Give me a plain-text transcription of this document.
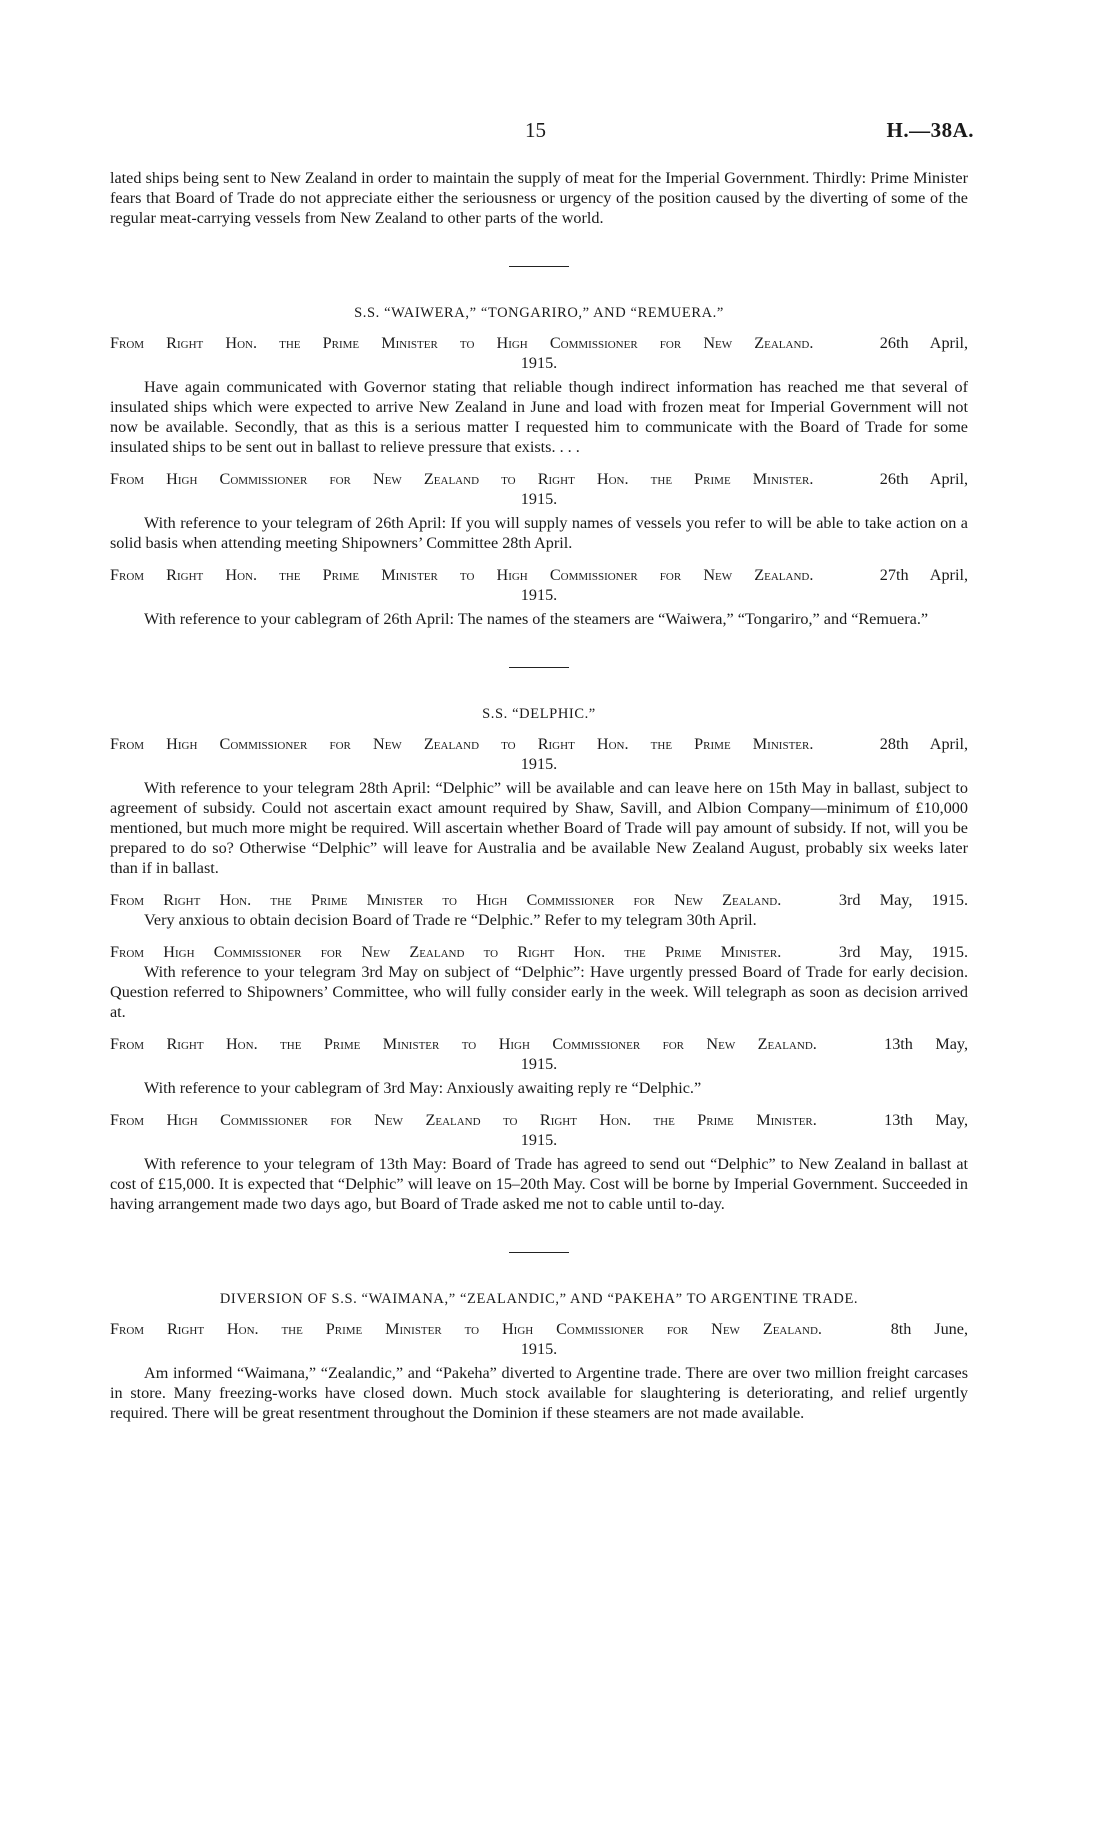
15	H.—38A.

lated ships being sent to New Zealand in order to maintain the supply of meat for the Imperial Government. Thirdly: Prime Minister fears that Board of Trade do not appreciate either the seriousness or urgency of the position caused by the diverting of some of the regular meat-carrying vessels from New Zealand to other parts of the world.

S.S. “WAIWERA,” “TONGARIRO,” AND “REMUERA.”

From Right Hon. the Prime Minister to High Commissioner for New Zealand.	26th April,

1915.

Have again communicated with Governor stating that reliable though indirect information has reached me that several of insulated ships which were expected to arrive New Zealand in June and load with frozen meat for Imperial Government will not now be available. Secondly, that as this is a serious matter I requested him to communicate with the Board of Trade for some insulated ships to be sent out in ballast to relieve pressure that exists. . . .

From High Commissioner for New Zealand to Right Hon. the Prime Minister.	26th April,

1915.

With reference to your telegram of 26th April: If you will supply names of vessels you refer to will be able to take action on a solid basis when attending meeting Shipowners’ Committee 28th April.

From Right Hon. the Prime Minister to High Commissioner for New Zealand.	27th April,

1915.

With reference to your cablegram of 26th April: The names of the steamers are “Waiwera,” “Tongariro,” and “Remuera.”

S.S. “DELPHIC.”

From High Commissioner for New Zealand to Right Hon. the Prime Minister.	28th April,

1915.

With reference to your telegram 28th April: “Delphic” will be available and can leave here on 15th May in ballast, subject to agreement of subsidy. Could not ascertain exact amount required by Shaw, Savill, and Albion Company—minimum of £10,000 mentioned, but much more might be required. Will ascertain whether Board of Trade will pay amount of subsidy. If not, will you be prepared to do so? Otherwise “Delphic” will leave for Australia and be available New Zealand August, probably six weeks later than if in ballast.

From Right Hon. the Prime Minister to High Commissioner for New Zealand.	3rd May, 1915.

Very anxious to obtain decision Board of Trade re “Delphic.” Refer to my telegram 30th April.

From High Commissioner for New Zealand to Right Hon. the Prime Minister.	3rd May, 1915.

With reference to your telegram 3rd May on subject of “Delphic”: Have urgently pressed Board of Trade for early decision. Question referred to Shipowners’ Committee, who will fully consider early in the week. Will telegraph as soon as decision arrived at.

From Right Hon. the Prime Minister to High Commissioner for New Zealand.	13th May,

1915.

With reference to your cablegram of 3rd May: Anxiously awaiting reply re “Delphic.”

From High Commissioner for New Zealand to Right Hon. the Prime Minister.	13th May,

1915.

With reference to your telegram of 13th May: Board of Trade has agreed to send out “Delphic” to New Zealand in ballast at cost of £15,000. It is expected that “Delphic” will leave on 15–20th May. Cost will be borne by Imperial Government. Succeeded in having arrangement made two days ago, but Board of Trade asked me not to cable until to-day.

DIVERSION OF S.S. “WAIMANA,” “ZEALANDIC,” AND “PAKEHA” TO ARGENTINE TRADE.

From Right Hon. the Prime Minister to High Commissioner for New Zealand.	8th June,

1915.

Am informed “Waimana,” “Zealandic,” and “Pakeha” diverted to Argentine trade. There are over two million freight carcases in store. Many freezing-works have closed down. Much stock available for slaughtering is deteriorating, and relief urgently required. There will be great resentment throughout the Dominion if these steamers are not made available.
